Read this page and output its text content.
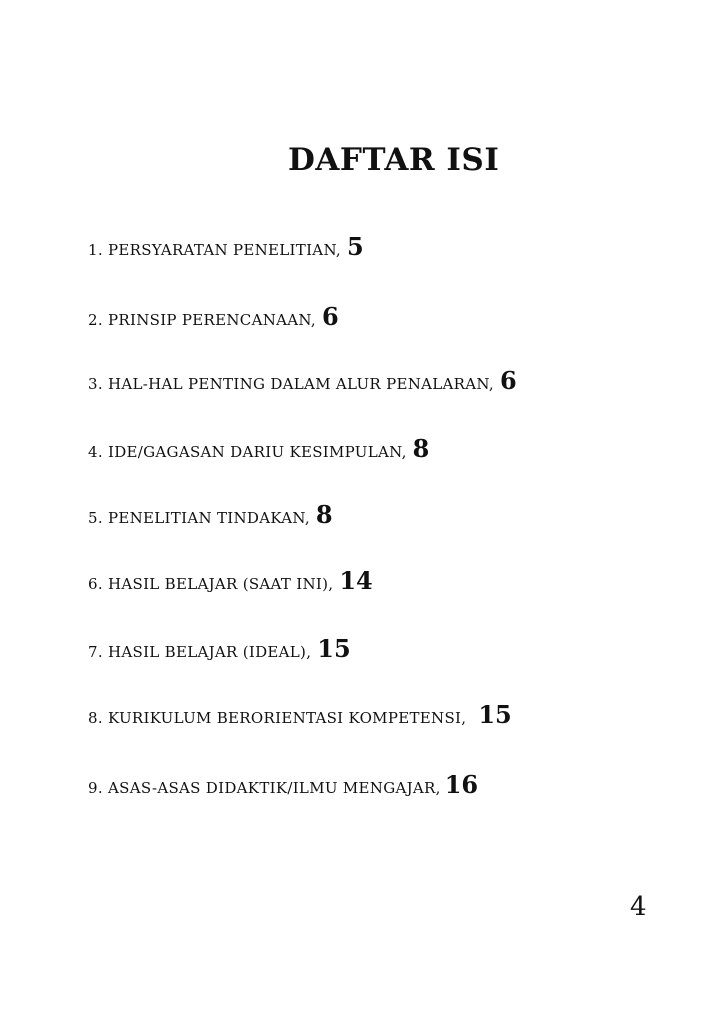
DAFTAR ISI
1. PERSYARATAN PENELITIAN, 5
2. PRINSIP PERENCANAAN, 6
3. HAL-HAL PENTING DALAM ALUR PENALARAN, 6
4. IDE/GAGASAN DARIU KESIMPULAN, 8
5. PENELITIAN TINDAKAN, 8
6. HASIL BELAJAR (SAAT INI), 14
7. HASIL BELAJAR (IDEAL), 15
8. KURIKULUM BERORIENTASI KOMPETENSI, 15
9. ASAS-ASAS DIDAKTIK/ILMU MENGAJAR, 16
4
